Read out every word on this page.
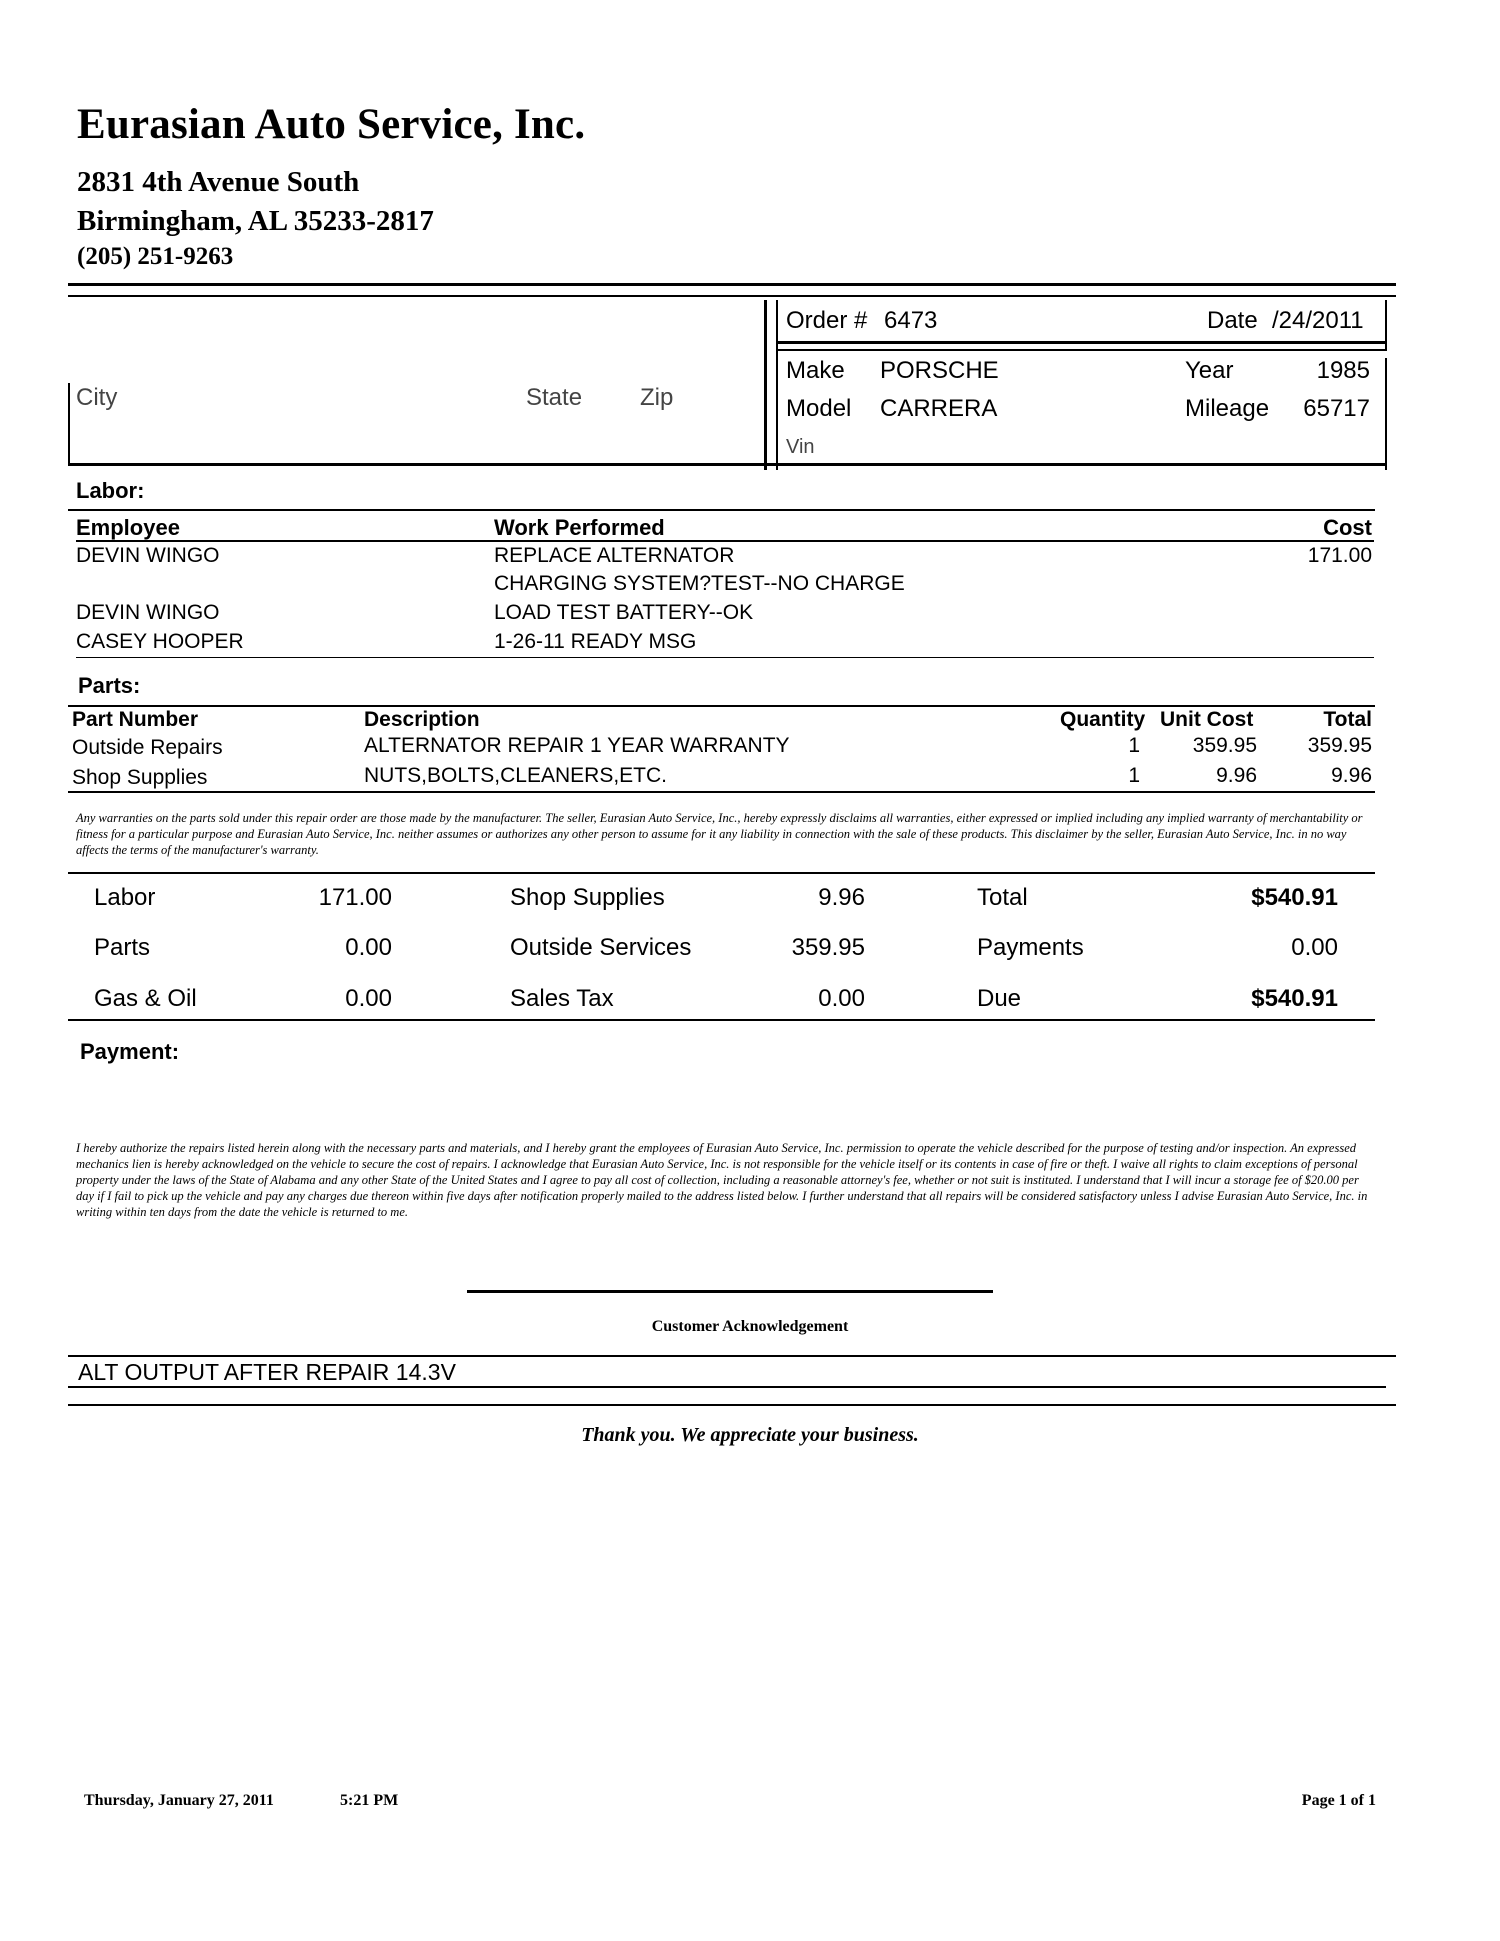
Eurasian Auto Service, Inc.
2831 4th Avenue South
Birmingham, AL 35233-2817
(205) 251-9263
City	State Zip
Order # 6473	Date /24/2011
Make PORSCHE	Year	1985
Model CARRERA	Mileage	65717
Vin
Labor:
Employee	Work Performed	Cost
DEVIN WINGO	REPLACE ALTERNATOR	171.00
CHARGING SYSTEM?TEST--NO CHARGE
DEVIN WINGO	LOAD TEST BATTERY--OK
CASEY HOOPER	1-26-11 READY MSG
Parts:
Part Number	Description	Quantity Unit Cost	Total
Outside Repairs	ALTERNATOR REPAIR 1 YEAR WARRANTY	1	359.95	359.95
Shop Supplies	NUTS,BOLTS,CLEANERS,ETC.	1	9.96	9.96
Any warranties on the parts sold under this repair order are those made by the manufacturer. The seller, Eurasian Auto Service, Inc., hereby expressly disclaims all warranties, either expressed or implied including any implied warranty of merchantability or fitness for a particular purpose and Eurasian Auto Service, Inc. neither assumes or authorizes any other person to assume for it any liability in connection with the sale of these products. This disclaimer by the seller, Eurasian Auto Service, Inc. in no way affects the terms of the manufacturer's warranty.
Labor	171.00	Shop Supplies	9.96	Total	$540.91
Parts	0.00	Outside Services	359.95	Payments	0.00
Gas & Oil	0.00	Sales Tax	0.00	Due	$540.91
Payment:
I hereby authorize the repairs listed herein along with the necessary parts and materials, and I hereby grant the employees of Eurasian Auto Service, Inc. permission to operate the vehicle described for the purpose of testing and/or inspection. An expressed mechanics lien is hereby acknowledged on the vehicle to secure the cost of repairs. I acknowledge that Eurasian Auto Service, Inc. is not responsible for the vehicle itself or its contents in case of fire or theft. I waive all rights to claim exceptions of personal property under the laws of the State of Alabama and any other State of the United States and I agree to pay all cost of collection, including a reasonable attorney's fee, whether or not suit is instituted. I understand that I will incur a storage fee of $20.00 per day if I fail to pick up the vehicle and pay any charges due thereon within five days after notification properly mailed to the address listed below. I further understand that all repairs will be considered satisfactory unless I advise Eurasian Auto Service, Inc. in writing within ten days from the date the vehicle is returned to me.
Customer Acknowledgement
ALT OUTPUT AFTER REPAIR 14.3V
Thank you. We appreciate your business.
Thursday, January 27, 2011	5:21 PM	Page 1 of 1
